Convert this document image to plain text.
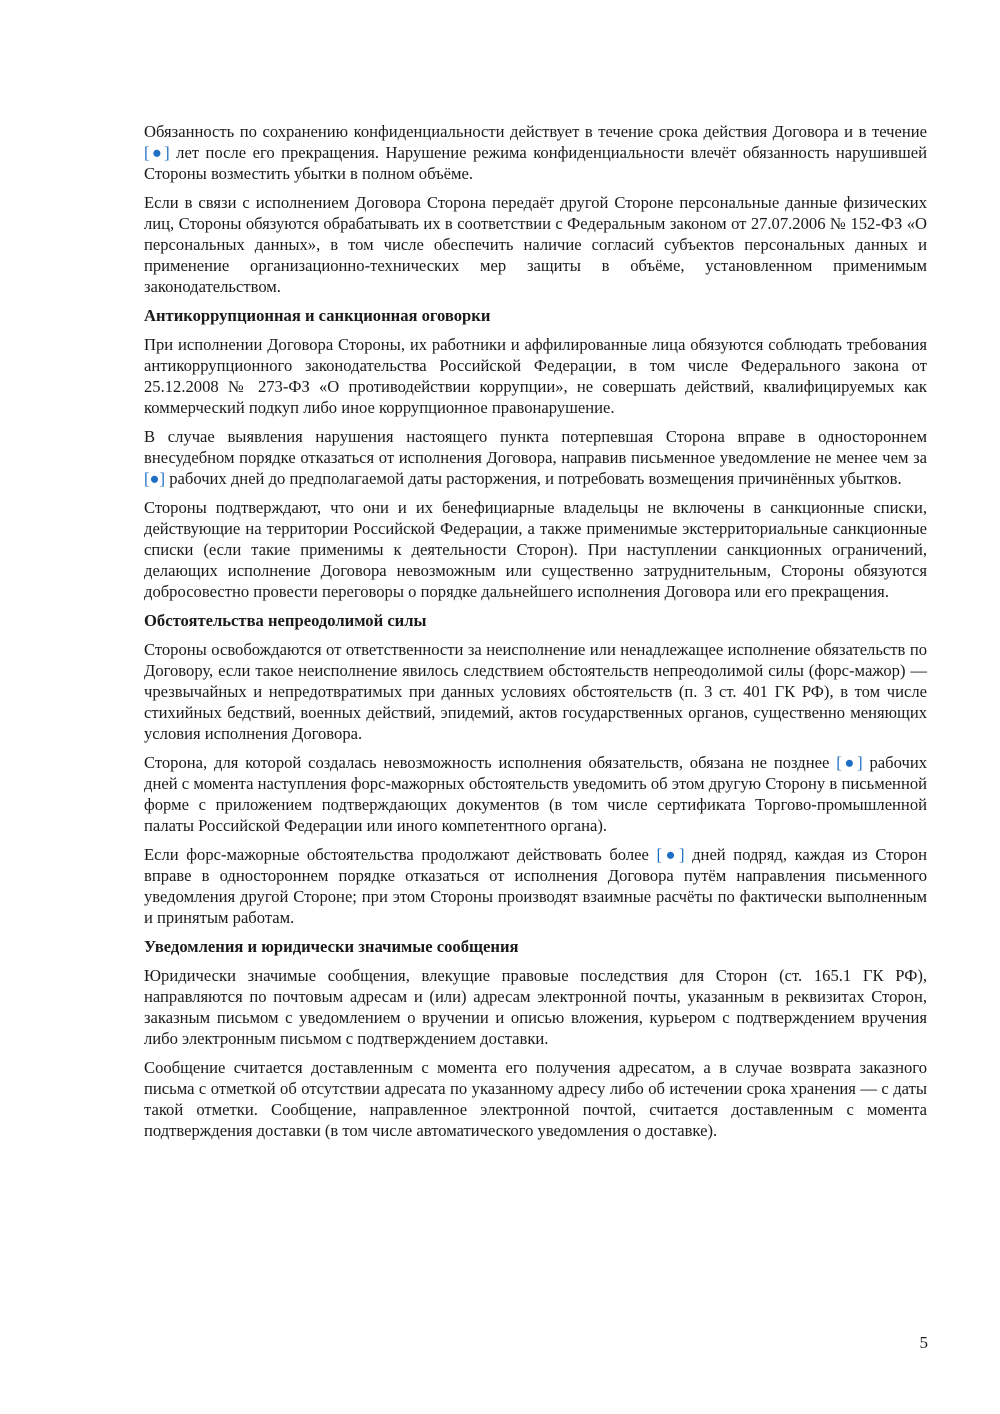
Обязанность по сохранению конфиденциальности действует в течение срока действия Договора и в течение [●] лет после его прекращения. Нарушение режима конфиденциальности влечёт обязанность нарушившей Стороны возместить убытки в полном объёме.

Если в связи с исполнением Договора Сторона передаёт другой Стороне персональные данные физических лиц, Стороны обязуются обрабатывать их в соответствии с Федеральным законом от 27.07.2006 № 152-ФЗ «О персональных данных», в том числе обеспечить наличие согласий субъектов персональных данных и применение организационно-технических мер защиты в объёме, установленном применимым законодательством.

Антикоррупционная и санкционная оговорки

При исполнении Договора Стороны, их работники и аффилированные лица обязуются соблюдать требования антикоррупционного законодательства Российской Федерации, в том числе Федерального закона от 25.12.2008 № 273-ФЗ «О противодействии коррупции», не совершать действий, квалифицируемых как коммерческий подкуп либо иное коррупционное правонарушение.

В случае выявления нарушения настоящего пункта потерпевшая Сторона вправе в одностороннем внесудебном порядке отказаться от исполнения Договора, направив письменное уведомление не менее чем за [●] рабочих дней до предполагаемой даты расторжения, и потребовать возмещения причинённых убытков.

Стороны подтверждают, что они и их бенефициарные владельцы не включены в санкционные списки, действующие на территории Российской Федерации, а также применимые экстерриториальные санкционные списки (если такие применимы к деятельности Сторон). При наступлении санкционных ограничений, делающих исполнение Договора невозможным или существенно затруднительным, Стороны обязуются добросовестно провести переговоры о порядке дальнейшего исполнения Договора или его прекращения.

Обстоятельства непреодолимой силы

Стороны освобождаются от ответственности за неисполнение или ненадлежащее исполнение обязательств по Договору, если такое неисполнение явилось следствием обстоятельств непреодолимой силы (форс-мажор) — чрезвычайных и непредотвратимых при данных условиях обстоятельств (п. 3 ст. 401 ГК РФ), в том числе стихийных бедствий, военных действий, эпидемий, актов государственных органов, существенно меняющих условия исполнения Договора.

Сторона, для которой создалась невозможность исполнения обязательств, обязана не позднее [●] рабочих дней с момента наступления форс-мажорных обстоятельств уведомить об этом другую Сторону в письменной форме с приложением подтверждающих документов (в том числе сертификата Торгово-промышленной палаты Российской Федерации или иного компетентного органа).

Если форс-мажорные обстоятельства продолжают действовать более [●] дней подряд, каждая из Сторон вправе в одностороннем порядке отказаться от исполнения Договора путём направления письменного уведомления другой Стороне; при этом Стороны производят взаимные расчёты по фактически выполненным и принятым работам.

Уведомления и юридически значимые сообщения

Юридически значимые сообщения, влекущие правовые последствия для Сторон (ст. 165.1 ГК РФ), направляются по почтовым адресам и (или) адресам электронной почты, указанным в реквизитах Сторон, заказным письмом с уведомлением о вручении и описью вложения, курьером с подтверждением вручения либо электронным письмом с подтверждением доставки.

Сообщение считается доставленным с момента его получения адресатом, а в случае возврата заказного письма с отметкой об отсутствии адресата по указанному адресу либо об истечении срока хранения — с даты такой отметки. Сообщение, направленное электронной почтой, считается доставленным с момента подтверждения доставки (в том числе автоматического уведомления о доставке).

5
